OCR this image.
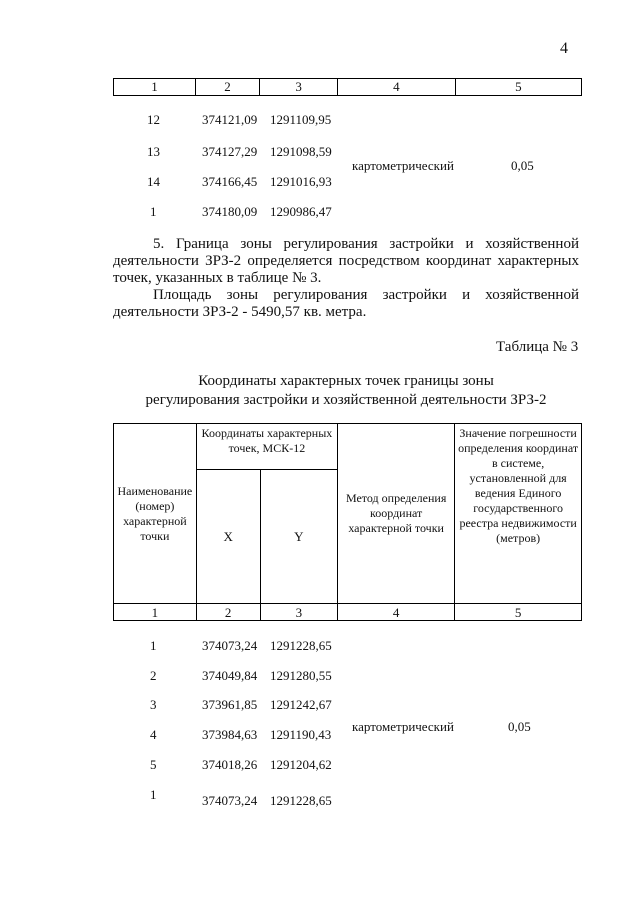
4
1	2	3	4	5
12	374121,09 1291109,95
13	374127,29 1291098,59
14	374166,45 1291016,93
1	374180,09 1290986,47
картометрический	0,05
5. Граница зоны регулирования застройки и хозяйственной деятельности ЗРЗ-2 определяется посредством координат характерных точек, указанных в таблице № 3.
Площадь зоны регулирования застройки и хозяйственной деятельности ЗРЗ-2 - 5490,57 кв. метра.
Таблица № 3
Координаты характерных точек границы зоны
регулирования застройки и хозяйственной деятельности ЗРЗ-2
Наименование (номер) характерной точки	Координаты характерных точек, МСК-12		Метод определения координат характерной точки	Значение погрешности определения координат в системе, установленной для ведения Единого государственного реестра недвижимости (метров)
	X	Y		
1	2	3	4	5
1	374073,24 1291228,65
2	374049,84 1291280,55
3	373961,85 1291242,67
4	373984,63 1291190,43
5	374018,26 1291204,62
1	374073,24 1291228,65
картометрический	0,05
